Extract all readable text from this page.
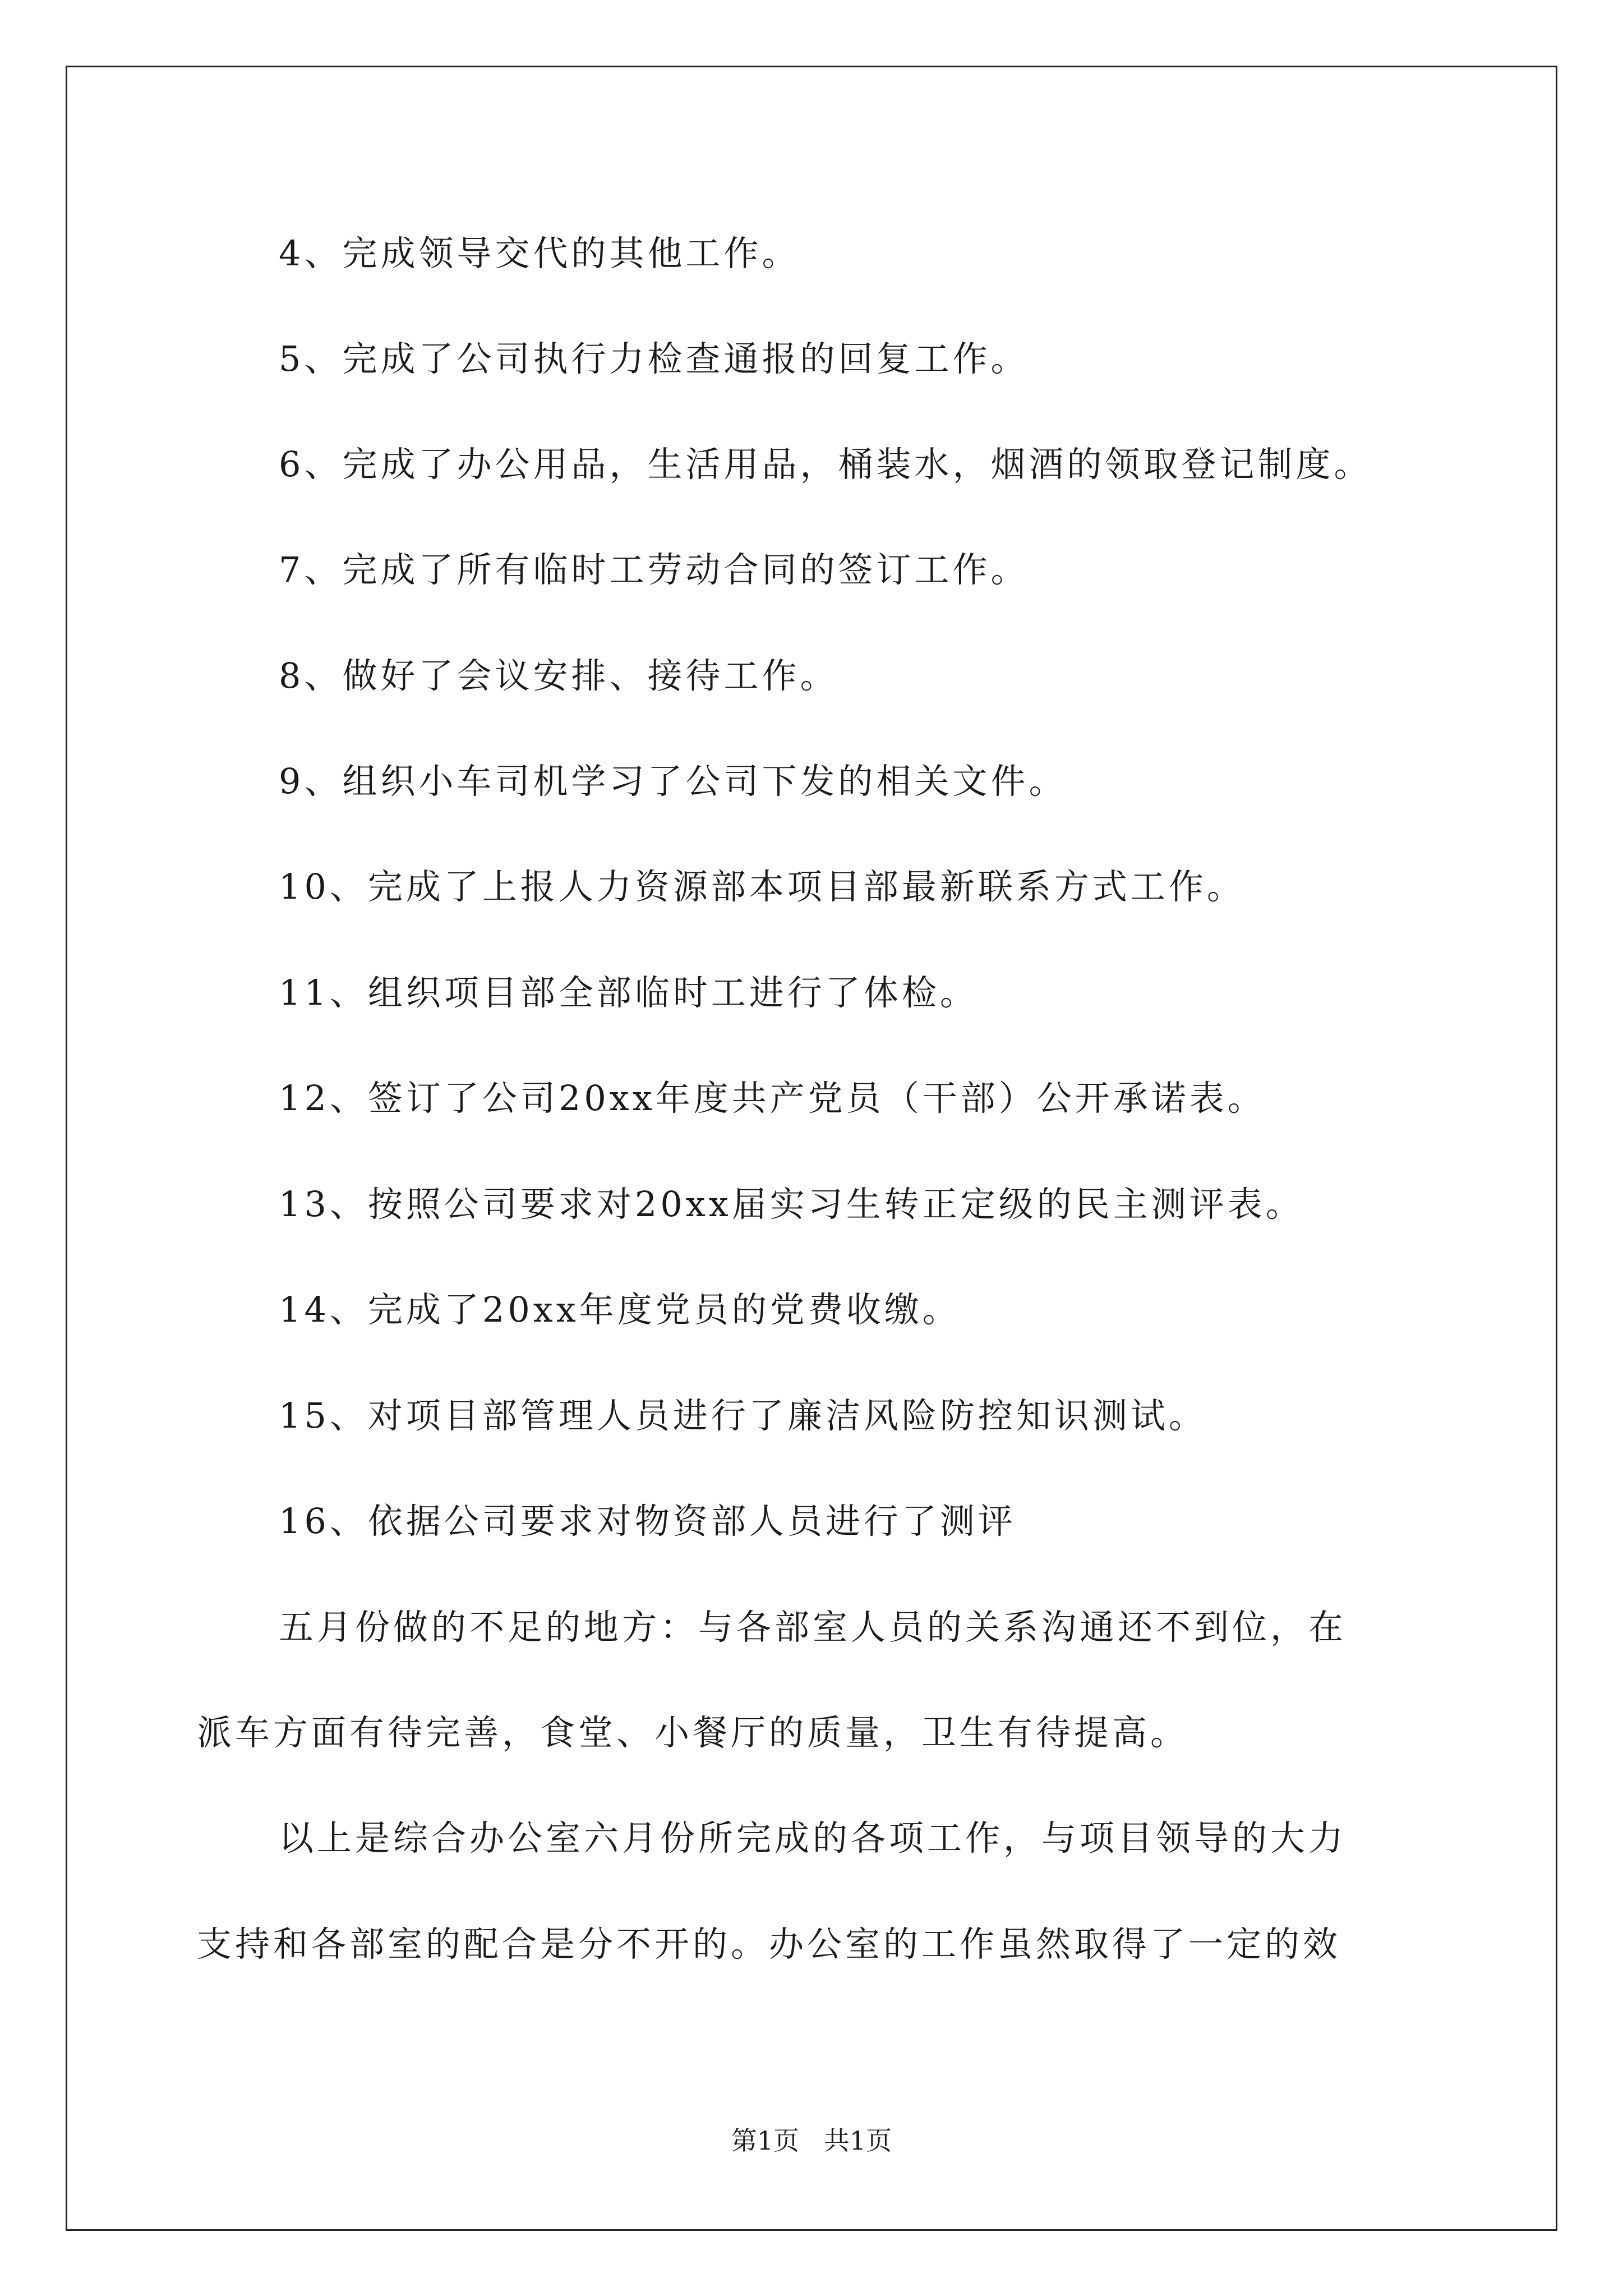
4、完成领导交代的其他工作。
5、完成了公司执行力检查通报的回复工作。
6、完成了办公用品，生活用品，桶装水，烟酒的领取登记制度。
7、完成了所有临时工劳动合同的签订工作。
8、做好了会议安排、接待工作。
9、组织小车司机学习了公司下发的相关文件。
10、完成了上报人力资源部本项目部最新联系方式工作。
11、组织项目部全部临时工进行了体检。
12、签订了公司20xx年度共产党员（干部）公开承诺表。
13、按照公司要求对20xx届实习生转正定级的民主测评表。
14、完成了20xx年度党员的党费收缴。
15、对项目部管理人员进行了廉洁风险防控知识测试。
16、依据公司要求对物资部人员进行了测评
五月份做的不足的地方：与各部室人员的关系沟通还不到位，在
派车方面有待完善，食堂、小餐厅的质量，卫生有待提高。
以上是综合办公室六月份所完成的各项工作，与项目领导的大力
支持和各部室的配合是分不开的。办公室的工作虽然取得了一定的效
第1页   共1页
